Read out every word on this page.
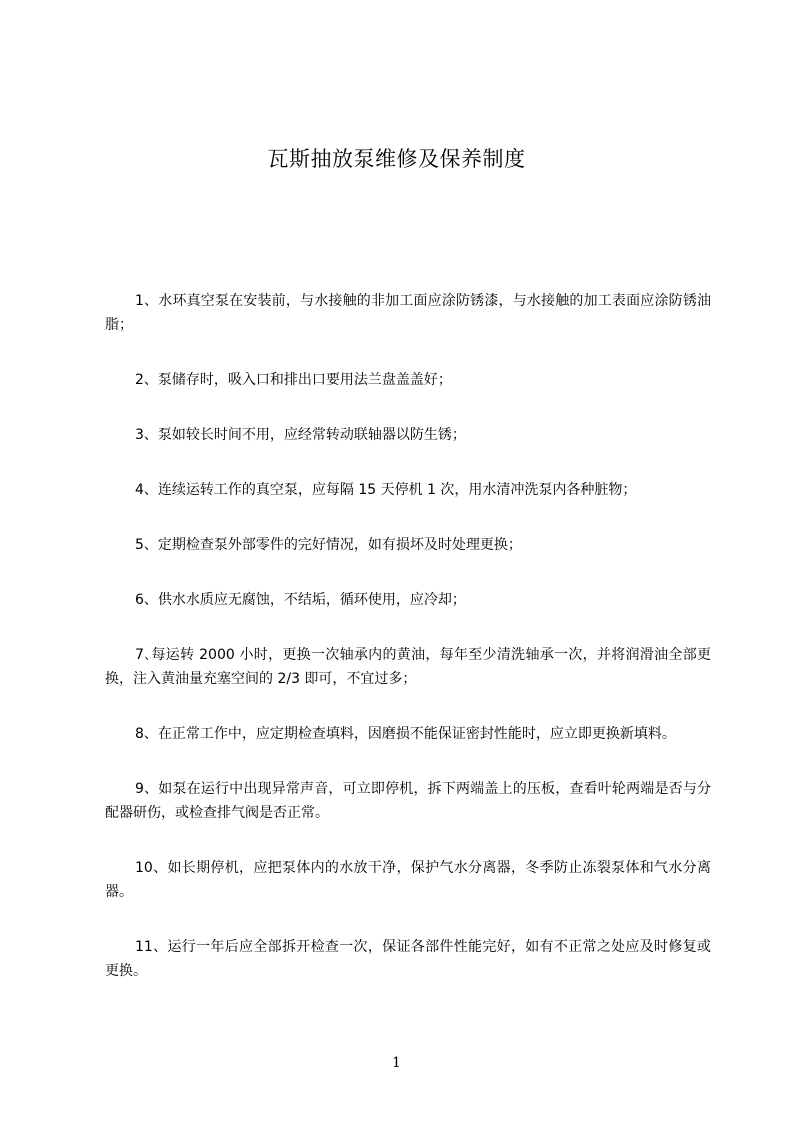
瓦斯抽放泵维修及保养制度

1、水环真空泵在安装前，与水接触的非加工面应涂防锈漆，与水接触的加工表面应涂防锈油脂；

2、泵储存时，吸入口和排出口要用法兰盘盖盖好；

3、泵如较长时间不用，应经常转动联轴器以防生锈；

4、连续运转工作的真空泵，应每隔 15 天停机 1 次，用水清冲洗泵内各种脏物；

5、定期检查泵外部零件的完好情况，如有损坏及时处理更换；

6、供水水质应无腐蚀，不结垢，循环使用，应冷却；

7､每运转 2000 小时，更换一次轴承内的黄油，每年至少清洗轴承一次，并将润滑油全部更换，注入黄油量充塞空间的 2/3 即可，不宜过多；

8、在正常工作中，应定期检查填料，因磨损不能保证密封性能时，应立即更换新填料。

9、如泵在运行中出现异常声音，可立即停机，拆下两端盖上的压板，查看叶轮两端是否与分配器研伤，或检查排气阀是否正常。

10、如长期停机，应把泵体内的水放干净，保护气水分离器，冬季防止冻裂泵体和气水分离器。

11、运行一年后应全部拆开检查一次，保证各部件性能完好，如有不正常之处应及时修复或更换。

1
